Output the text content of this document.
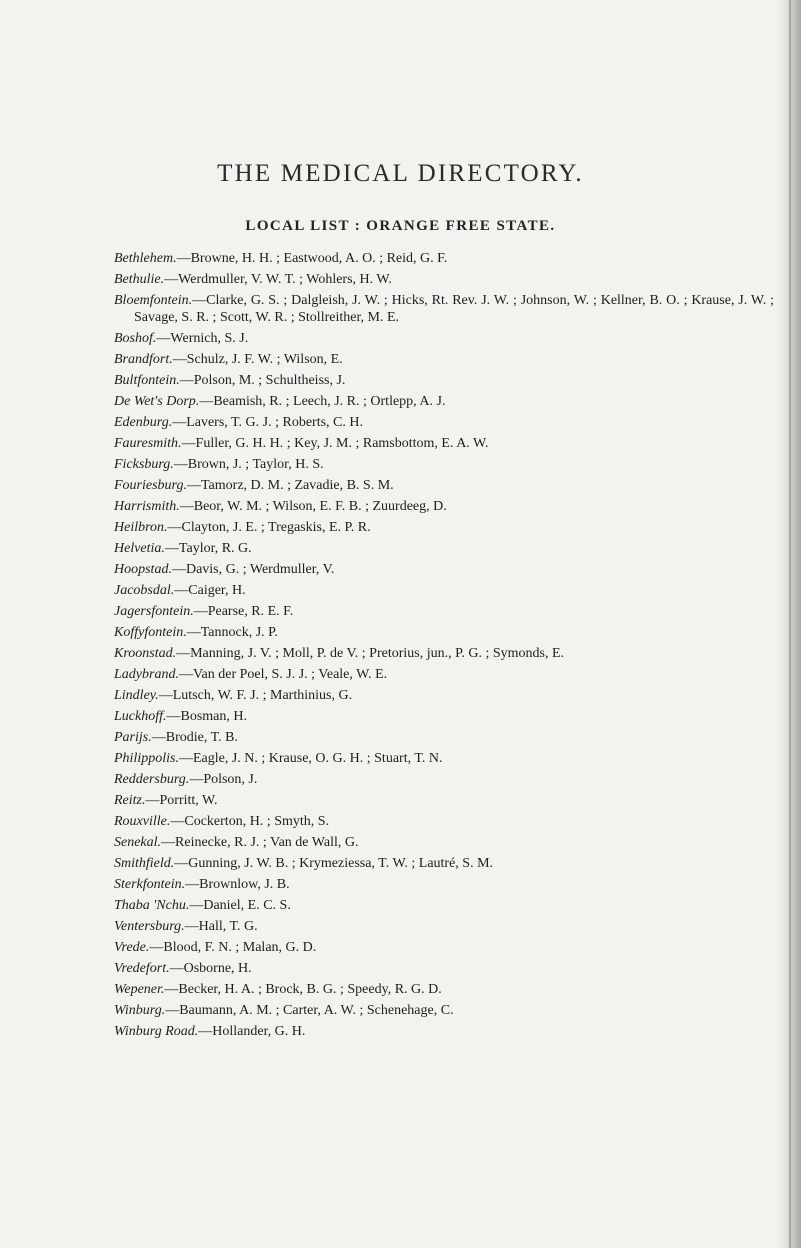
THE MEDICAL DIRECTORY.
LOCAL LIST : ORANGE FREE STATE.
Bethlehem.—Browne, H. H. ; Eastwood, A. O. ; Reid, G. F.
Bethulie.—Werdmuller, V. W. T. ; Wohlers, H. W.
Bloemfontein.—Clarke, G. S. ; Dalgleish, J. W. ; Hicks, Rt. Rev. J. W. ; Johnson, W. ; Kellner, B. O. ; Krause, J. W. ; Savage, S. R. ; Scott, W. R. ; Stollreither, M. E.
Boshof.—Wernich, S. J.
Brandfort.—Schulz, J. F. W. ; Wilson, E.
Bultfontein.—Polson, M. ; Schultheiss, J.
De Wet's Dorp.—Beamish, R. ; Leech, J. R. ; Ortlepp, A. J.
Edenburg.—Lavers, T. G. J. ; Roberts, C. H.
Fauresmith.—Fuller, G. H. H. ; Key, J. M. ; Ramsbottom, E. A. W.
Ficksburg.—Brown, J. ; Taylor, H. S.
Fouriesburg.—Tamorz, D. M. ; Zavadie, B. S. M.
Harrismith.—Beor, W. M. ; Wilson, E. F. B. ; Zuurdeeg, D.
Heilbron.—Clayton, J. E. ; Tregaskis, E. P. R.
Helvetia.—Taylor, R. G.
Hoopstad.—Davis, G. ; Werdmuller, V.
Jacobsdal.—Caiger, H.
Jagersfontein.—Pearse, R. E. F.
Koffyfontein.—Tannock, J. P.
Kroonstad.—Manning, J. V. ; Moll, P. de V. ; Pretorius, jun., P. G. ; Symonds, E.
Ladybrand.—Van der Poel, S. J. J. ; Veale, W. E.
Lindley.—Lutsch, W. F. J. ; Marthinius, G.
Luckhoff.—Bosman, H.
Parijs.—Brodie, T. B.
Philippolis.—Eagle, J. N. ; Krause, O. G. H. ; Stuart, T. N.
Reddersburg.—Polson, J.
Reitz.—Porritt, W.
Rouxville.—Cockerton, H. ; Smyth, S.
Senekal.—Reinecke, R. J. ; Van de Wall, G.
Smithfield.—Gunning, J. W. B. ; Krymeziessa, T. W. ; Lautré, S. M.
Sterkfontein.—Brownlow, J. B.
Thaba 'Nchu.—Daniel, E. C. S.
Ventersburg.—Hall, T. G.
Vrede.—Blood, F. N. ; Malan, G. D.
Vredefort.—Osborne, H.
Wepener.—Becker, H. A. ; Brock, B. G. ; Speedy, R. G. D.
Winburg.—Baumann, A. M. ; Carter, A. W. ; Schenehage, C.
Winburg Road.—Hollander, G. H.
